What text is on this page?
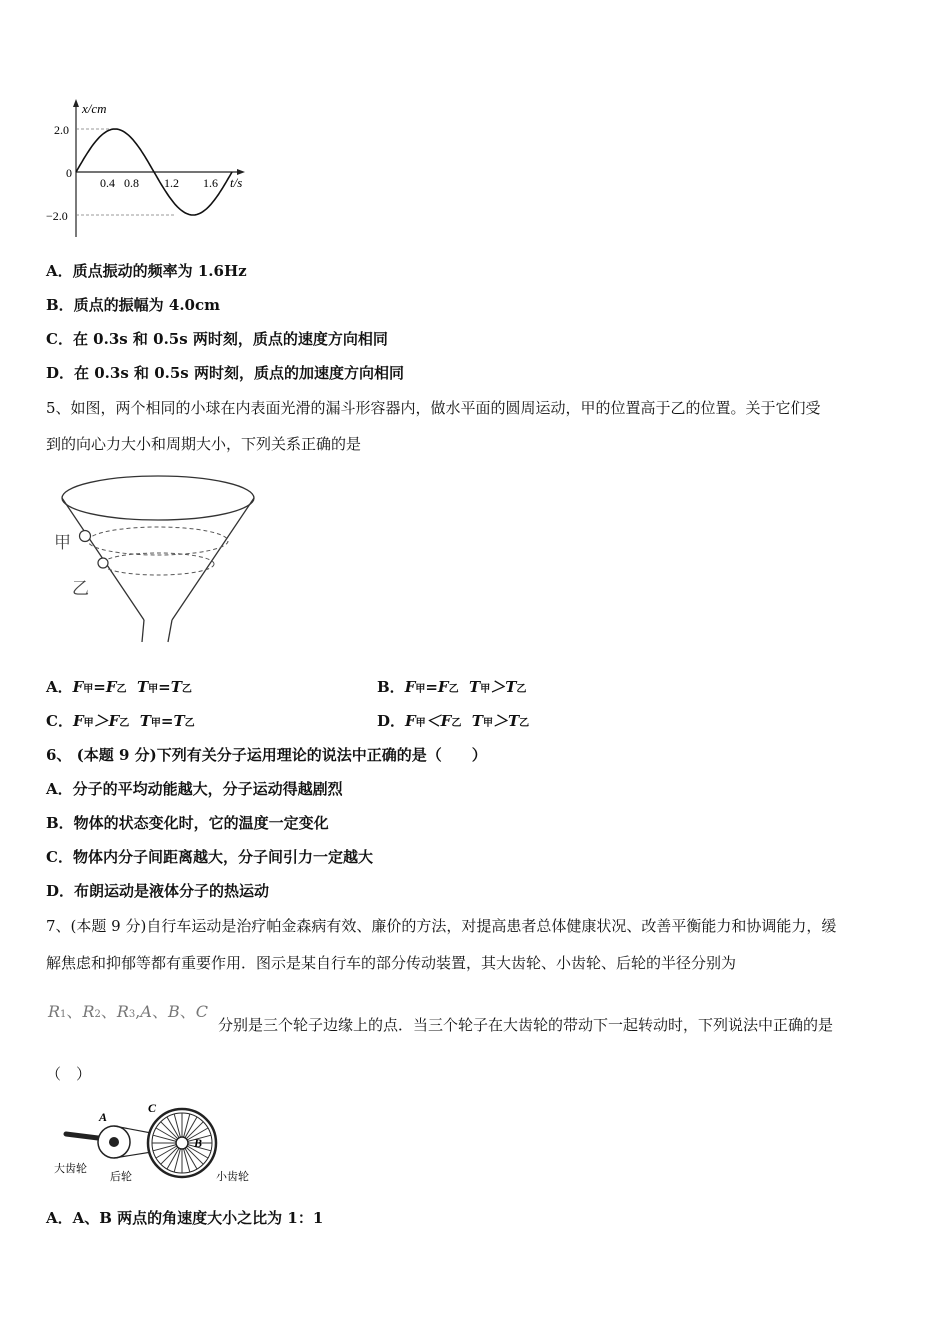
x/cm
t/s
2.0
0
−2.0
0.4 0.8 1.2 1.6
A．质点振动的频率为 1.6Hz
B．质点的振幅为 4.0cm
C．在 0.3s 和 0.5s 两时刻，质点的速度方向相同
D．在 0.3s 和 0.5s 两时刻，质点的加速度方向相同
5、如图，两个相同的小球在内表面光滑的漏斗形容器内，做水平面的圆周运动，甲的位置高于乙的位置。关于它们受
到的向心力大小和周期大小，下列关系正确的是
甲
乙
A．F甲=F乙 T甲=T乙	B．F甲=F乙 T甲＞T乙
C．F甲＞F乙 T甲=T乙	D．F甲＜F乙 T甲＞T乙
6、 (本题 9 分)下列有关分子运用理论的说法中正确的是（　　）
A．分子的平均动能越大，分子运动得越剧烈
B．物体的状态变化时，它的温度一定变化
C．物体内分子间距离越大，分子间引力一定越大
D．布朗运动是液体分子的热运动
7、(本题 9 分)自行车运动是治疗帕金森病有效、廉价的方法，对提高患者总体健康状况、改善平衡能力和协调能力，缓
解焦虑和抑郁等都有重要作用．图示是某自行车的部分传动装置，其大齿轮、小齿轮、后轮的半径分别为
R1、R2、R3,A、B、C
分别是三个轮子边缘上的点．当三个轮子在大齿轮的带动下一起转动时，下列说法中正确的是
（　）
A
C
B
大齿轮
后轮	小齿轮
A．A、B 两点的角速度大小之比为 1：1
